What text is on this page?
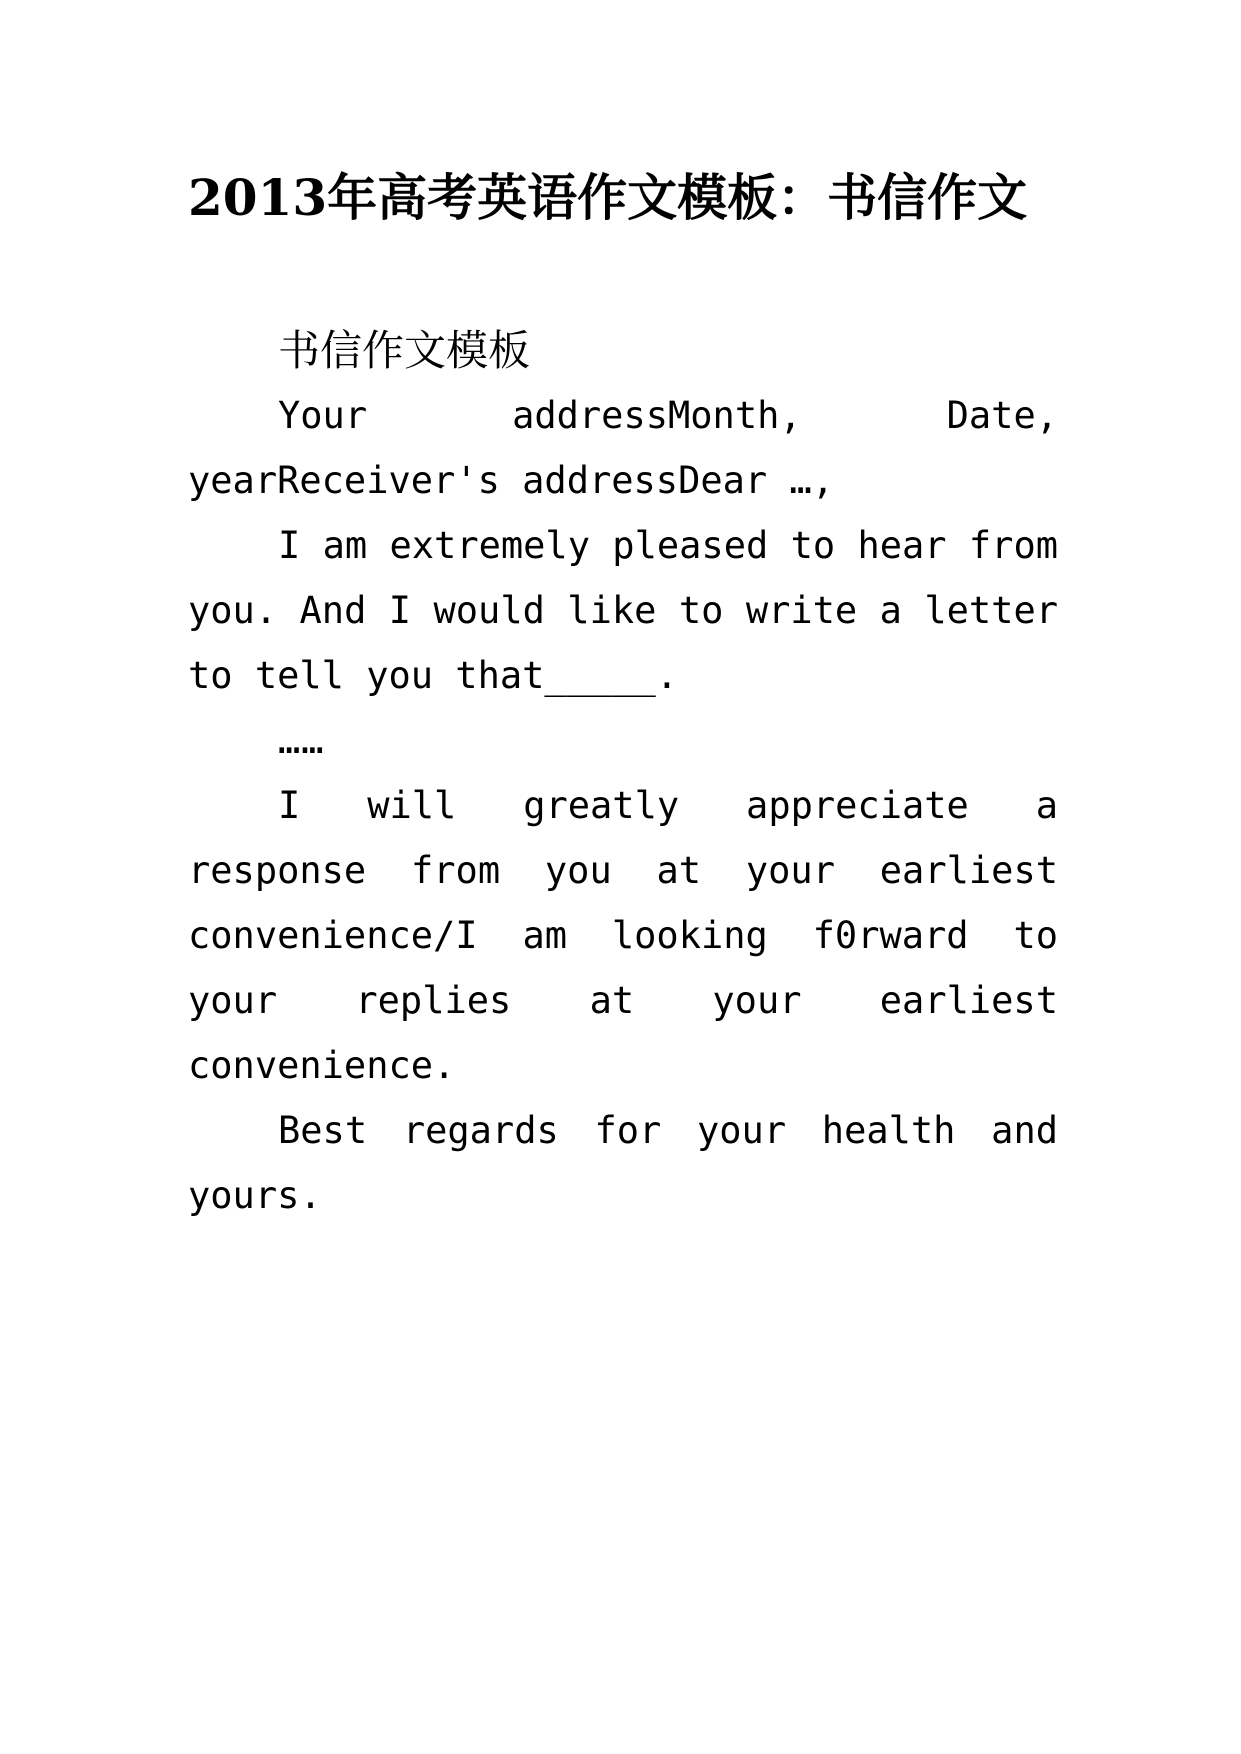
2013年高考英语作文模板：书信作文

书信作文模板

Your addressMonth, Date, yearReceiver's addressDear …,

I am extremely pleased to hear from you. And I would like to write a letter to tell you that_____.

……

I will greatly appreciate a response from you at your earliest convenience/I am looking f0rward to your replies at your earliest convenience.

Best regards for your health and yours.
